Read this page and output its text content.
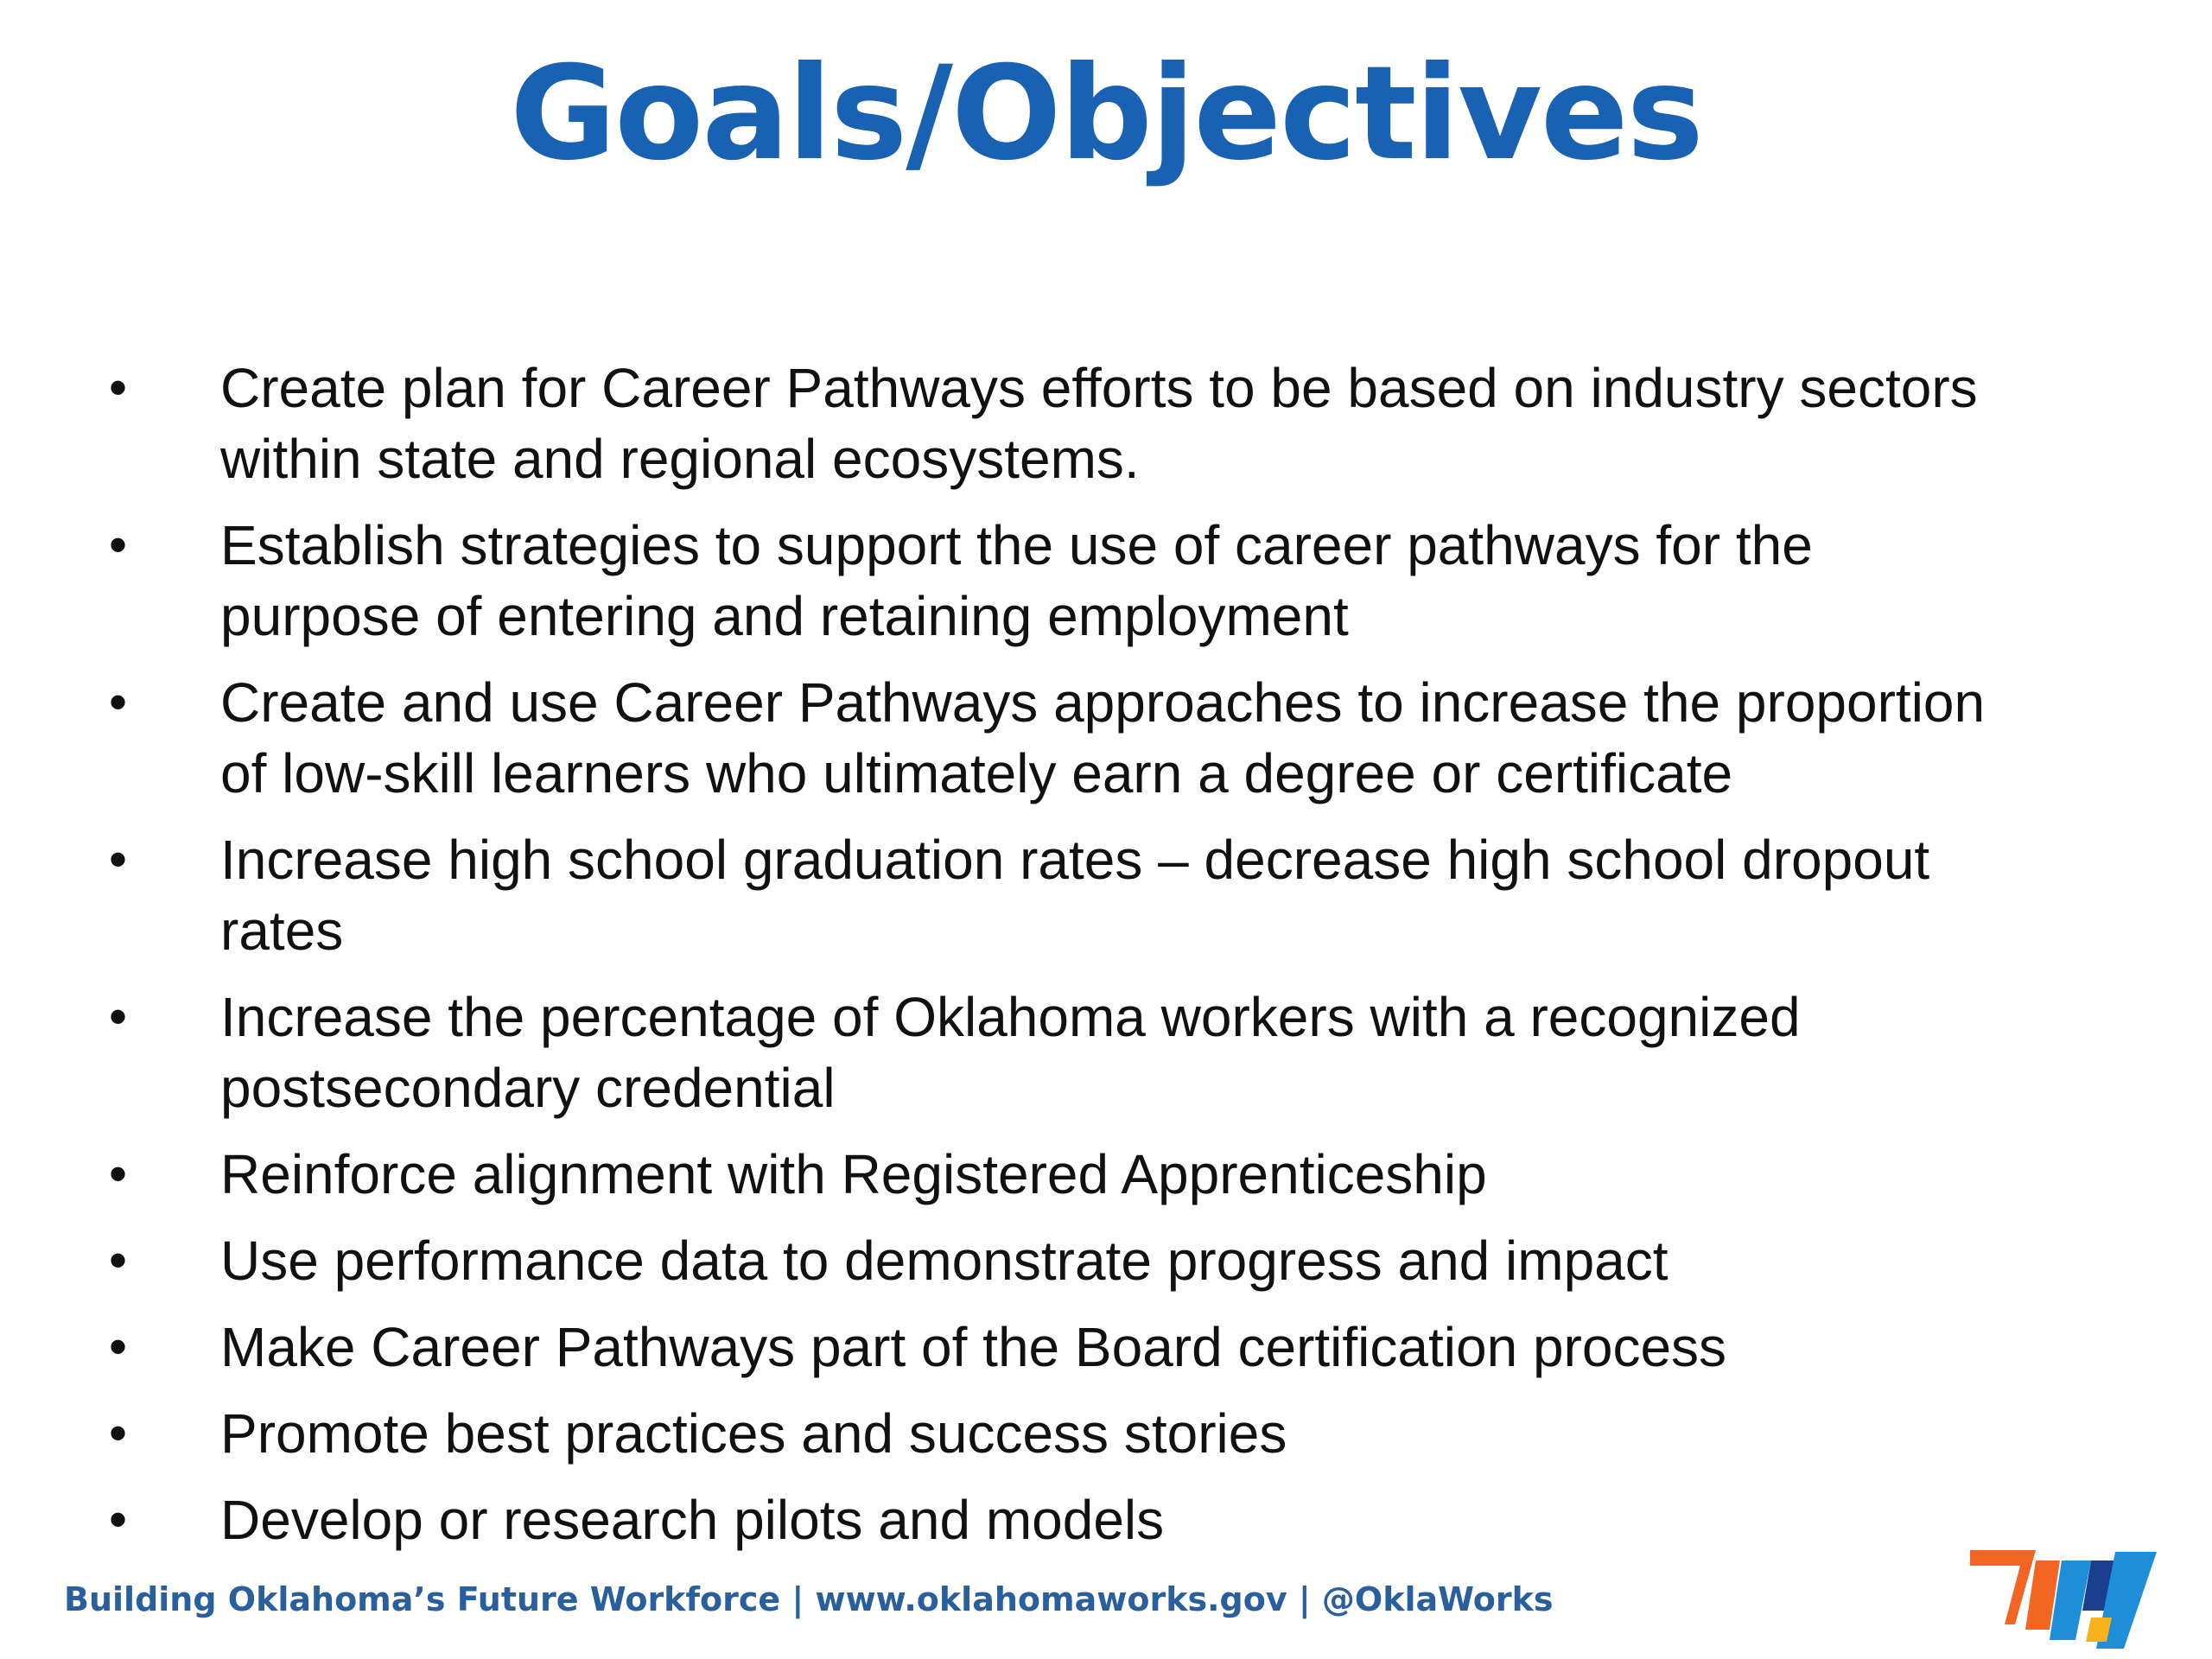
Goals/Objectives
• Create plan for Career Pathways efforts to be based on industry sectors
within state and regional ecosystems.
• Establish strategies to support the use of career pathways for the
purpose of entering and retaining employment
• Create and use Career Pathways approaches to increase the proportion
of low-skill learners who ultimately earn a degree or certificate
• Increase high school graduation rates – decrease high school dropout
rates
• Increase the percentage of Oklahoma workers with a recognized
postsecondary credential
• Reinforce alignment with Registered Apprenticeship
• Use performance data to demonstrate progress and impact
• Make Career Pathways part of the Board certification process
• Promote best practices and success stories
• Develop or research pilots and models
Building Oklahoma’s Future Workforce | www.oklahomaworks.gov | @OklaWorks
